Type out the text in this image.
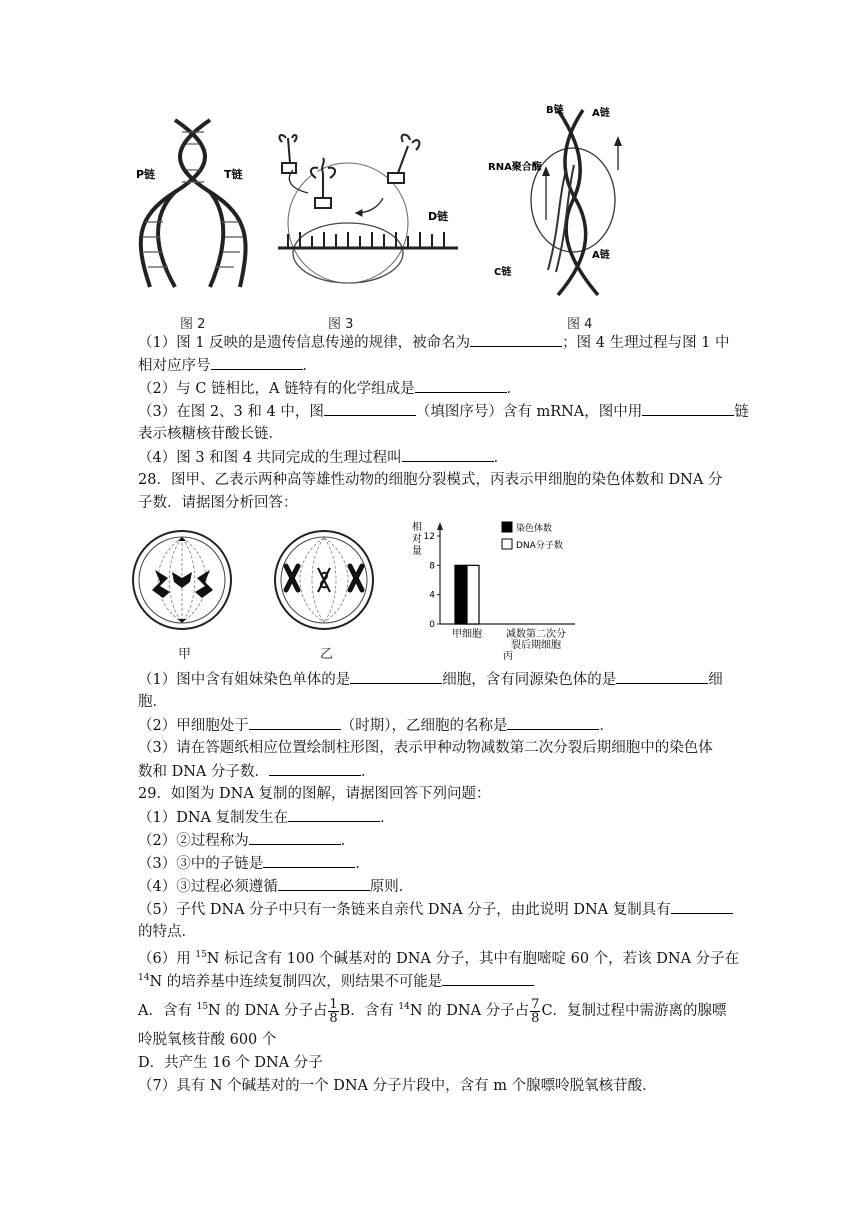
P链	T链
图 2
D链
图 3
B链	A链
RNA聚合酶
C链
A链
图 4
（1）图 1 反映的是遗传信息传递的规律，被命名为	；图 4 生理过程与图 1 中
相对应序号	．
（2）与 C 链相比，A 链特有的化学组成是	．
（3）在图 2、3 和 4 中，图	（填图序号）含有 mRNA，图中用	链
表示核糖核苷酸长链．
（4）图 3 和图 4 共同完成的生理过程叫	．
28．图甲、乙表示两种高等雄性动物的细胞分裂模式，丙表示甲细胞的染色体数和 DNA 分
子数．请据图分析回答：
甲	乙
相
对
量
0
4
8
12
染色体数
DNA分子数
甲细胞 减数第二次分
裂后期细胞
丙
（1）图中含有姐妹染色单体的是	细胞，含有同源染色体的是	细
胞．
（2）甲细胞处于	（时期），乙细胞的名称是	．
（3）请在答题纸相应位置绘制柱形图，表示甲种动物减数第二次分裂后期细胞中的染色体
数和 DNA 分子数．	．
29．如图为 DNA 复制的图解，请据图回答下列问题：
（1）DNA 复制发生在	．
（2）②过程称为	．
（3）③中的子链是	．
（4）③过程必须遵循	原则．
（5）子代 DNA 分子中只有一条链来自亲代 DNA 分子，由此说明 DNA 复制具有
的特点．
（6）用 $^{15}$N 标记含有 100 个碱基对的 DNA 分子，其中有胞嘧啶 60 个，若该 DNA 分子在
$^{14}$N 的培养基中连续复制四次，则结果不可能是
A．含有 $^{15}$N 的 DNA 分子占 $\frac{1}{8}$ B．含有 $^{14}$N 的 DNA 分子占 $\frac{7}{8}$ C．复制过程中需游离的腺嘌
呤脱氧核苷酸 600 个
D．共产生 16 个 DNA 分子
（7）具有 N 个碱基对的一个 DNA 分子片段中，含有 m 个腺嘌呤脱氧核苷酸．
